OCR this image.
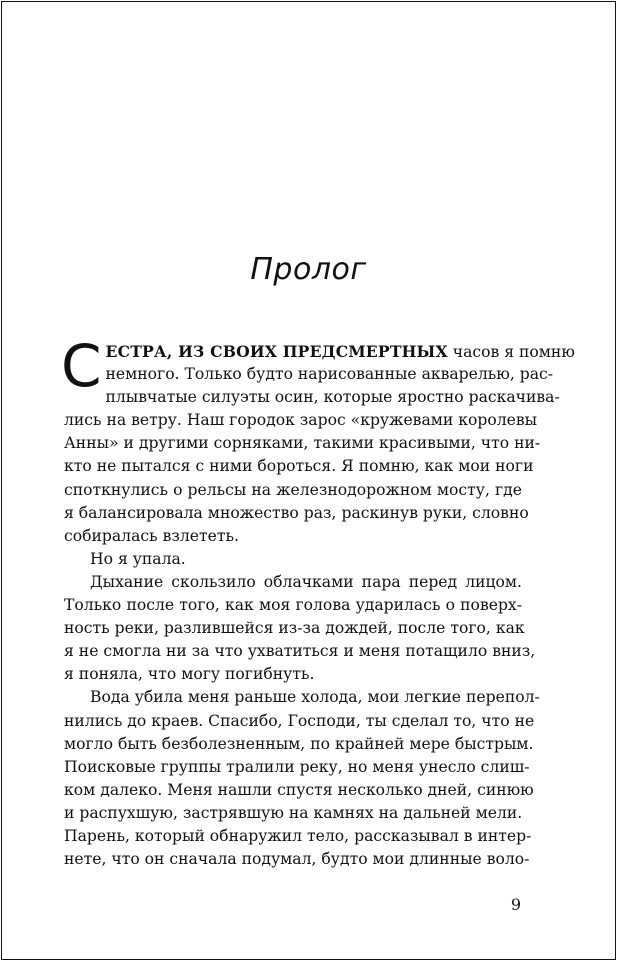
Пролог
С ЕСТРА, ИЗ СВОИХ ПРЕДСМЕРТНЫХ часов я помню
немного. Только будто нарисованные акварелью, рас-
плывчатые силуэты осин, которые яростно раскачива-
лись на ветру. Наш городок зарос «кружевами королевы
Анны» и другими сорняками, такими красивыми, что ни-
кто не пытался с ними бороться. Я помню, как мои ноги
споткнулись о рельсы на железнодорожном мосту, где
я балансировала множество раз, раскинув руки, словно
собиралась взлететь.
Но я упала.
Дыхание скользило облачками пара перед лицом.
Только после того, как моя голова ударилась о поверх-
ность реки, разлившейся из-за дождей, после того, как
я не смогла ни за что ухватиться и меня потащило вниз,
я поняла, что могу погибнуть.
Вода убила меня раньше холода, мои легкие перепол-
нились до краев. Спасибо, Господи, ты сделал то, что не
могло быть безболезненным, по крайней мере быстрым.
Поисковые группы тралили реку, но меня унесло слиш-
ком далеко. Меня нашли спустя несколько дней, синюю
и распухшую, застрявшую на камнях на дальней мели.
Парень, который обнаружил тело, рассказывал в интер-
нете, что он сначала подумал, будто мои длинные воло-
9
